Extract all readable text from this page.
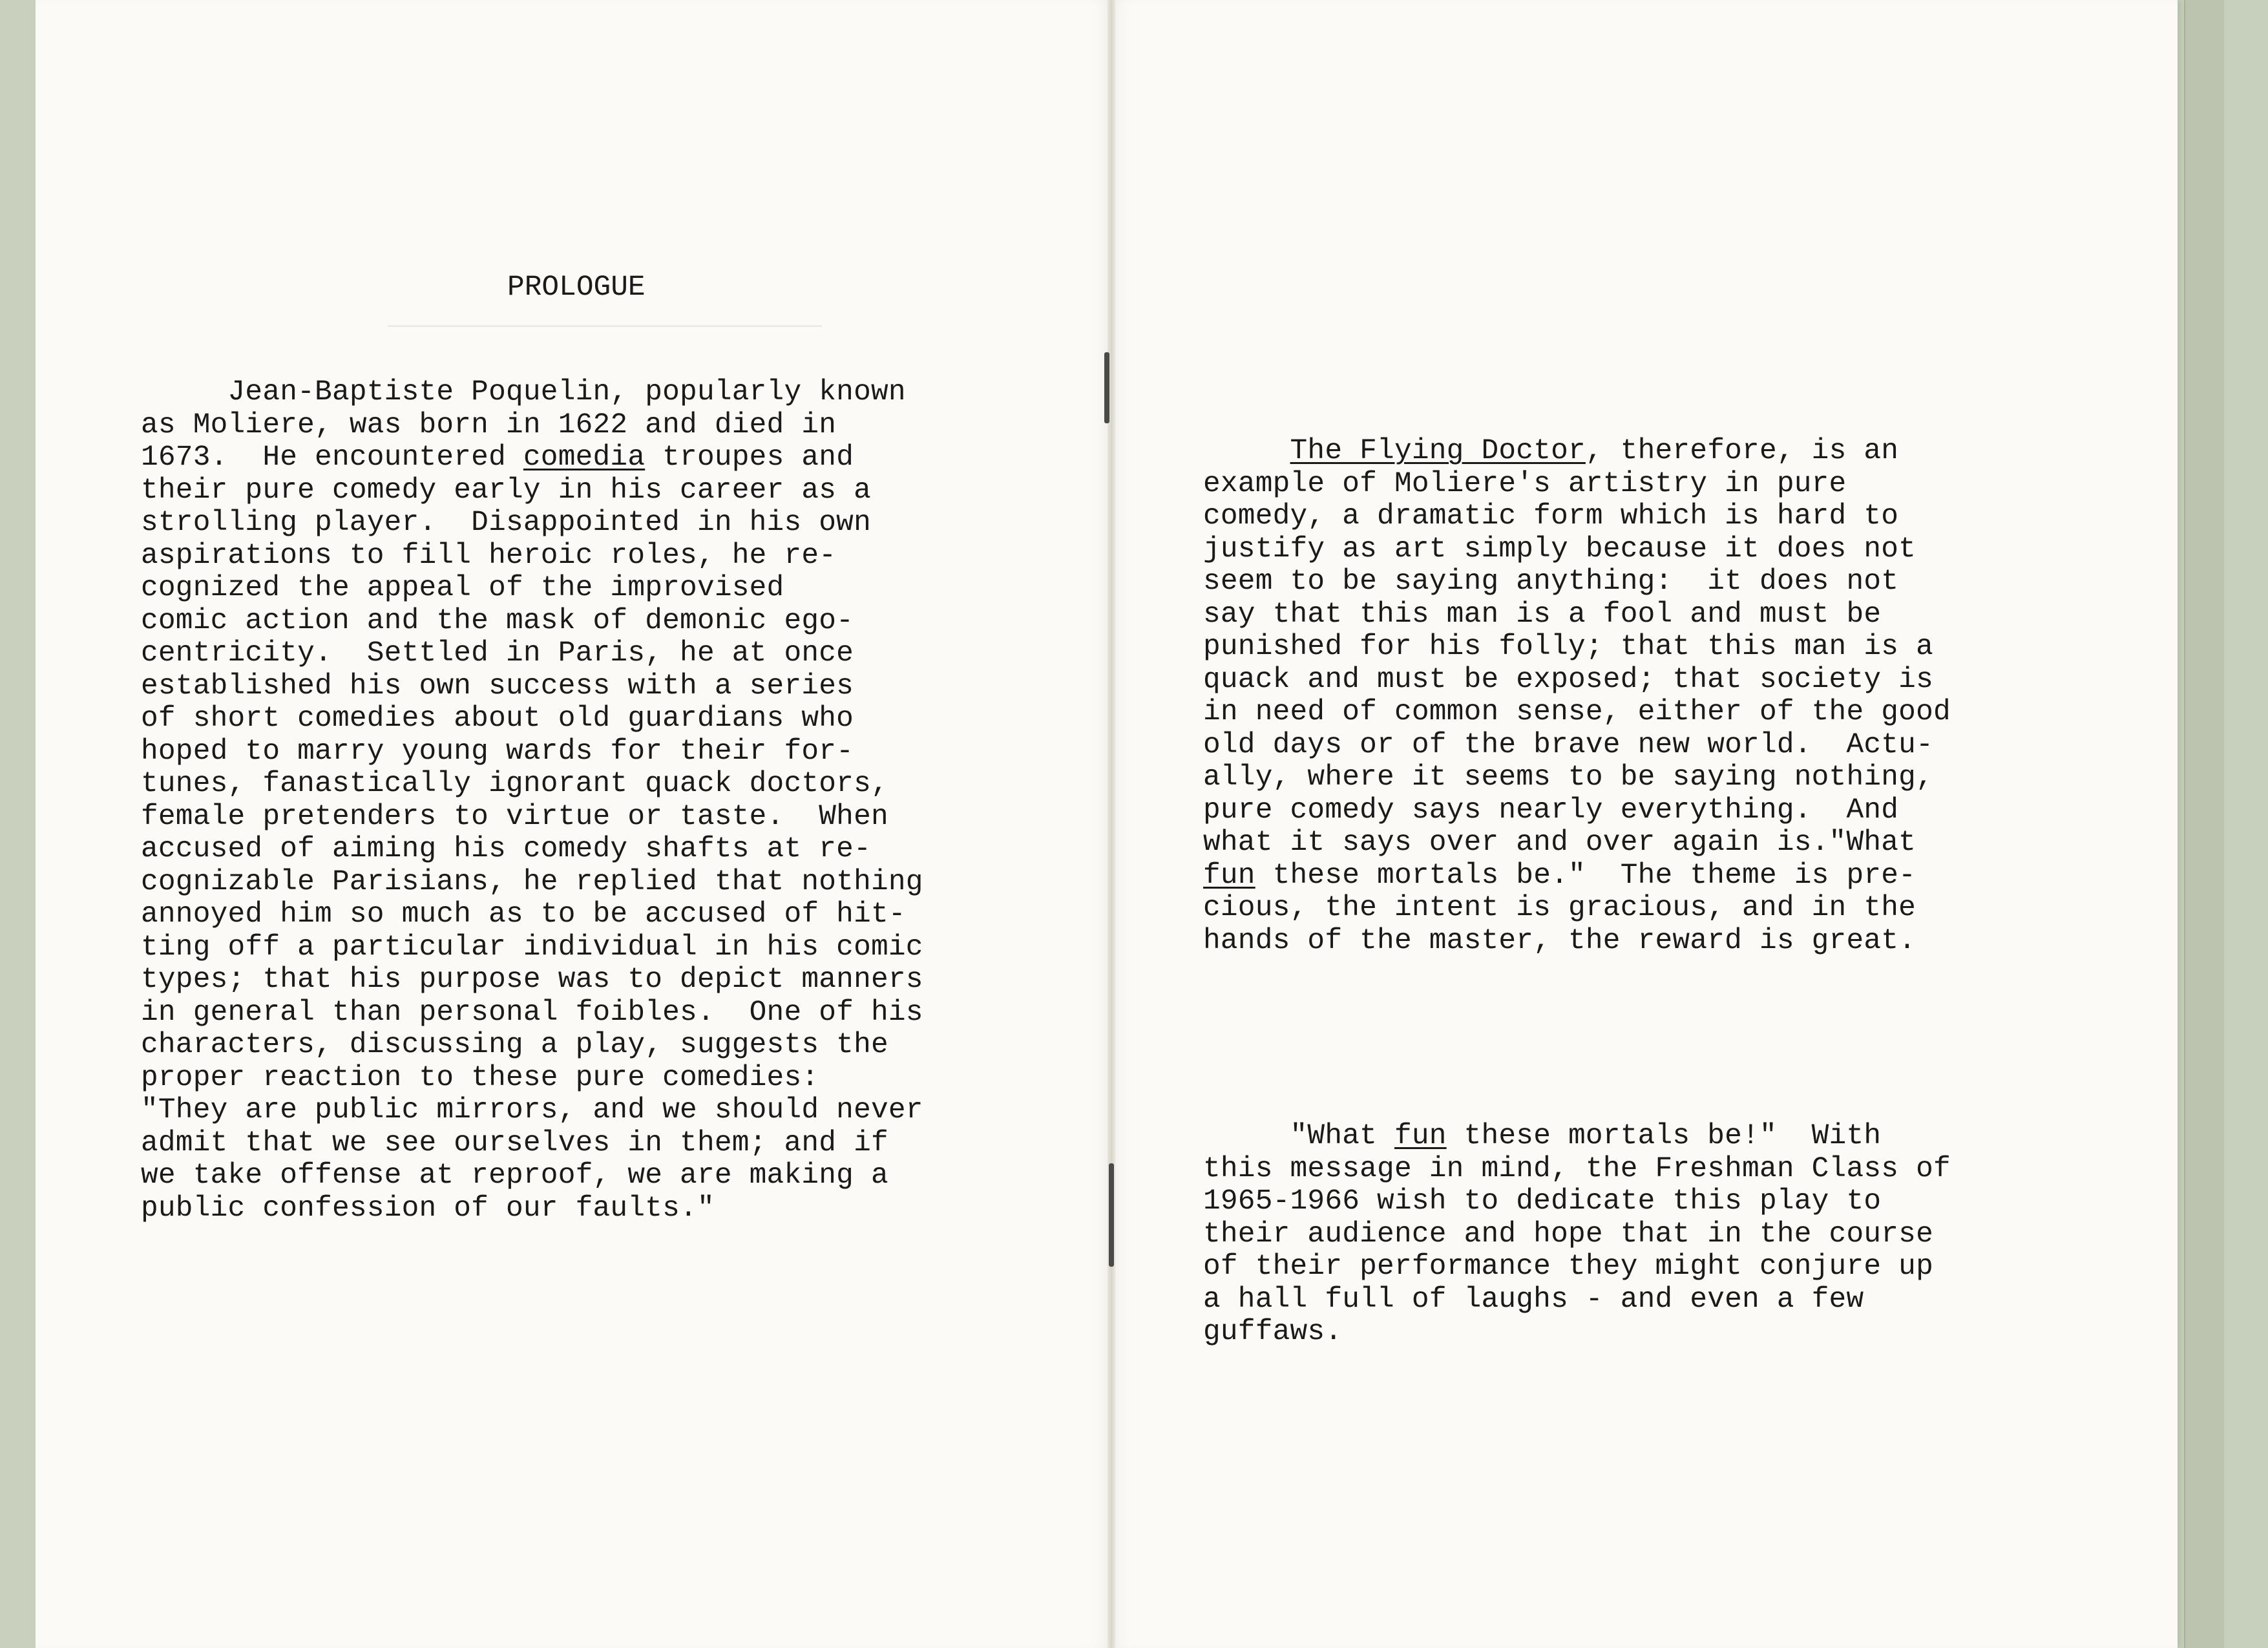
────────────────────────────

PROLOGUE
Jean-Baptiste Poquelin, popularly known
as Moliere, was born in 1622 and died in
1673.  He encountered comedia troupes and
their pure comedy early in his career as a
strolling player.  Disappointed in his own
aspirations to fill heroic roles, he re-
cognized the appeal of the improvised
comic action and the mask of demonic ego-
centricity.  Settled in Paris, he at once
established his own success with a series
of short comedies about old guardians who
hoped to marry young wards for their for-
tunes, fanastically ignorant quack doctors,
female pretenders to virtue or taste.  When
accused of aiming his comedy shafts at re-
cognizable Parisians, he replied that nothing
annoyed him so much as to be accused of hit-
ting off a particular individual in his comic
types; that his purpose was to depict manners
in general than personal foibles.  One of his
characters, discussing a play, suggests the
proper reaction to these pure comedies:
"They are public mirrors, and we should never
admit that we see ourselves in them; and if
we take offense at reproof, we are making a
public confession of our faults."

The Flying Doctor, therefore, is an
example of Moliere's artistry in pure
comedy, a dramatic form which is hard to
justify as art simply because it does not
seem to be saying anything:  it does not
say that this man is a fool and must be
punished for his folly; that this man is a
quack and must be exposed; that society is
in need of common sense, either of the good
old days or of the brave new world.  Actu-
ally, where it seems to be saying nothing,
pure comedy says nearly everything.  And
what it says over and over again is."What
fun these mortals be."  The theme is pre-
cious, the intent is gracious, and in the
hands of the master, the reward is great.

"What fun these mortals be!"  With
this message in mind, the Freshman Class of
1965-1966 wish to dedicate this play to
their audience and hope that in the course
of their performance they might conjure up
a hall full of laughs - and even a few
guffaws.
